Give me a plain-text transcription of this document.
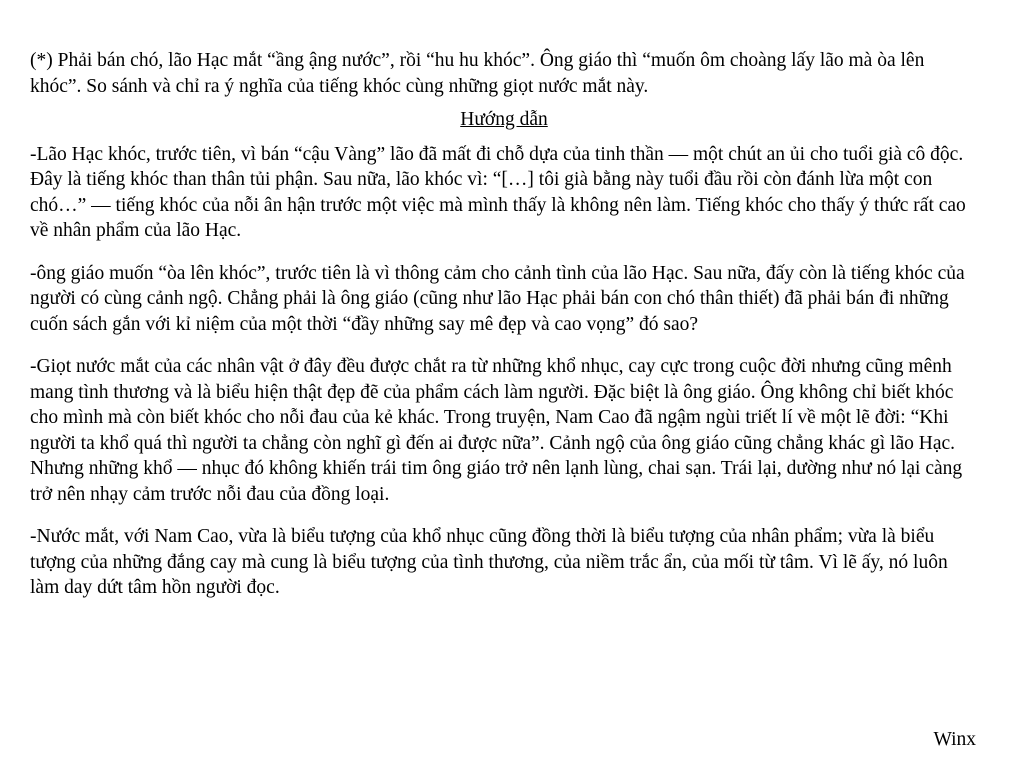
(*) Phải bán chó, lão Hạc mắt “ầng ậng nước”, rồi “hu hu khóc”. Ông giáo thì “muốn ôm choàng lấy lão mà òa lên khóc”. So sánh và chỉ ra ý nghĩa của tiếng khóc cùng những giọt nước mắt này.

Hướng dẫn

-Lão Hạc khóc, trước tiên, vì bán “cậu Vàng” lão đã mất đi chỗ dựa của tinh thần — một chút an ủi cho tuổi già cô độc. Đây là tiếng khóc than thân tủi phận. Sau nữa, lão khóc vì: “[…] tôi già bằng này tuổi đầu rồi còn đánh lừa một con chó…” — tiếng khóc của nỗi ân hận trước một việc mà mình thấy là không nên làm. Tiếng khóc cho thấy ý thức rất cao về nhân phẩm của lão Hạc.

-ông giáo muốn “òa lên khóc”, trước tiên là vì thông cảm cho cảnh tình của lão Hạc. Sau nữa, đấy còn là tiếng khóc của người có cùng cảnh ngộ. Chẳng phải là ông giáo (cũng như lão Hạc phải bán con chó thân thiết) đã phải bán đi những cuốn sách gắn với kỉ niệm của một thời “đầy những say mê đẹp và cao vọng” đó sao?

-Giọt nước mắt của các nhân vật ở đây đều được chắt ra từ những khổ nhục, cay cực trong cuộc đời nhưng cũng mênh mang tình thương và là biểu hiện thật đẹp đẽ của phẩm cách làm người. Đặc biệt là ông giáo. Ông không chỉ biết khóc cho mình mà còn biết khóc cho nỗi đau của kẻ khác. Trong truyện, Nam Cao đã ngậm ngùi triết lí về một lẽ đời: “Khi người ta khổ quá thì người ta chẳng còn nghĩ gì đến ai được nữa”. Cảnh ngộ của ông giáo cũng chẳng khác gì lão Hạc. Nhưng những khổ — nhục đó không khiến trái tim ông giáo trở nên lạnh lùng, chai sạn. Trái lại, dường như nó lại càng trở nên nhạy cảm trước nỗi đau của đồng loại.

-Nước mắt, với Nam Cao, vừa là biểu tượng của khổ nhục cũng đồng thời là biểu tượng của nhân phẩm; vừa là biểu tượng của những đắng cay mà cung là biểu tượng của tình thương, của niềm trắc ẩn, của mối từ tâm. Vì lẽ ấy, nó luôn làm day dứt tâm hồn người đọc.

Winx
